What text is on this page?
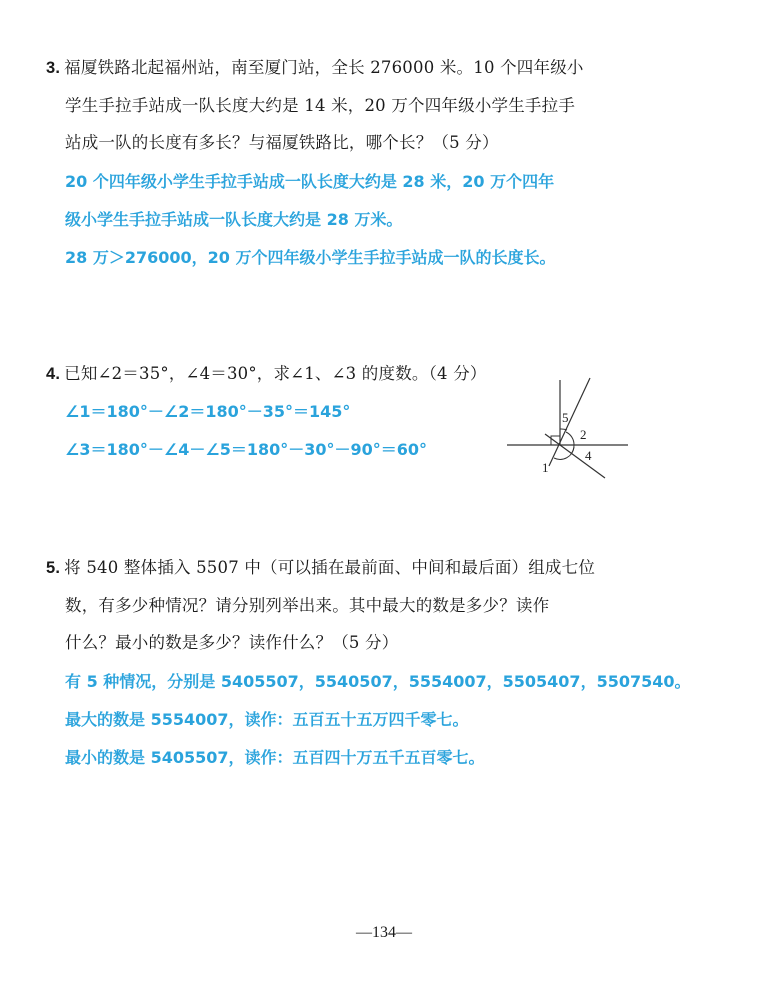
3. 福厦铁路北起福州站，南至厦门站，全长 276000 米。10 个四年级小
学生手拉手站成一队长度大约是 14 米，20 万个四年级小学生手拉手
站成一队的长度有多长？与福厦铁路比，哪个长？（5 分）
20 个四年级小学生手拉手站成一队长度大约是 28 米，20 万个四年
级小学生手拉手站成一队长度大约是 28 万米。
28 万＞276000，20 万个四年级小学生手拉手站成一队的长度长。
4. 已知∠2＝35°，∠4＝30°，求∠1、∠3 的度数。（4 分）
∠1＝180°－∠2＝180°－35°＝145°
∠3＝180°－∠4－∠5＝180°－30°－90°＝60°
5
2
4
1
5. 将 540 整体插入 5507 中（可以插在最前面、中间和最后面）组成七位
数，有多少种情况？请分别列举出来。其中最大的数是多少？读作
什么？最小的数是多少？读作什么？（5 分）
有 5 种情况，分别是 5405507，5540507，5554007，5505407，5507540。
最大的数是 5554007，读作：五百五十五万四千零七。
最小的数是 5405507，读作：五百四十万五千五百零七。
—134—
